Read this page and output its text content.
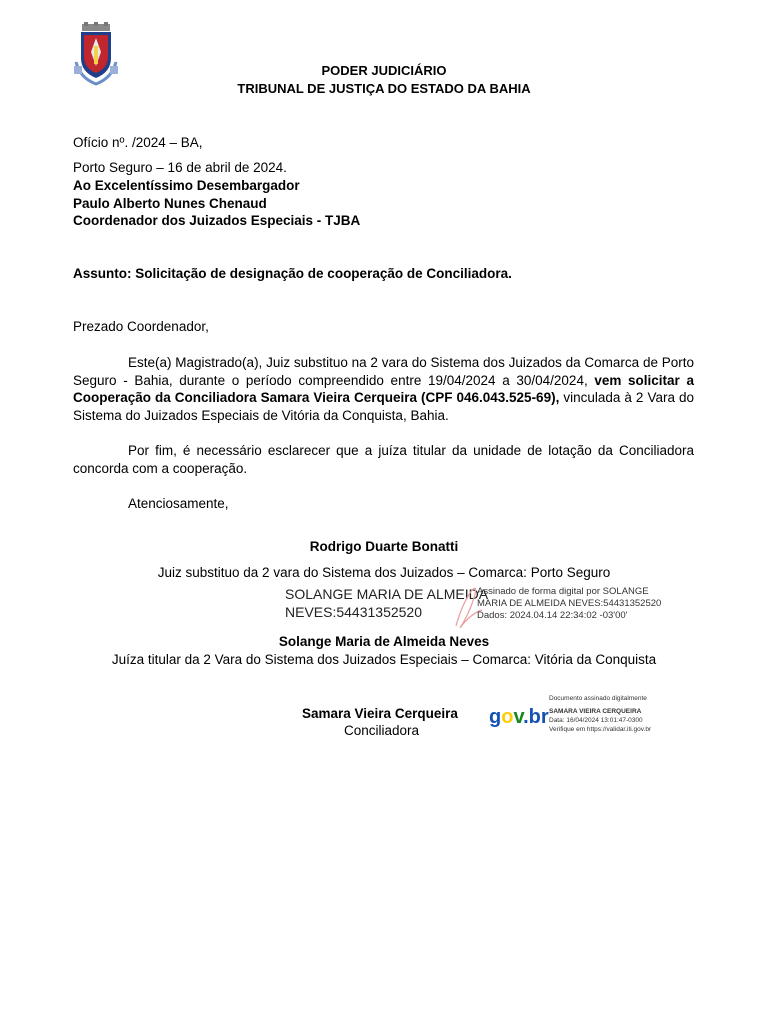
PODER JUDICIÁRIO
TRIBUNAL DE JUSTIÇA DO ESTADO DA BAHIA
Ofício nº. /2024 – BA,
Porto Seguro – 16 de abril de 2024.
Ao Excelentíssimo Desembargador
Paulo Alberto Nunes Chenaud
Coordenador dos Juizados Especiais - TJBA
Assunto: Solicitação de designação de cooperação de Conciliadora.
Prezado Coordenador,
Este(a) Magistrado(a), Juiz substituo na 2 vara do Sistema dos Juizados da Comarca de Porto Seguro - Bahia, durante o período compreendido entre 19/04/2024 a 30/04/2024, vem solicitar a Cooperação da Conciliadora Samara Vieira Cerqueira (CPF 046.043.525-69), vinculada à 2 Vara do Sistema do Juizados Especiais de Vitória da Conquista, Bahia.
Por fim, é necessário esclarecer que a juíza titular da unidade de lotação da Conciliadora concorda com a cooperação.
Atenciosamente,
Rodrigo Duarte Bonatti
Juiz substituo da 2 vara do Sistema dos Juizados – Comarca: Porto Seguro
SOLANGE MARIA DE ALMEIDA
NEVES:54431352520
Assinado de forma digital por SOLANGE
MARIA DE ALMEIDA NEVES:54431352520
Dados: 2024.04.14 22:34:02 -03'00'
Solange Maria de Almeida Neves
Juíza titular da 2 Vara do Sistema dos Juizados Especiais – Comarca: Vitória da Conquista
Samara Vieira Cerqueira
Conciliadora
gov.br
Documento assinado digitalmente
SAMARA VIEIRA CERQUEIRA
Data: 16/04/2024 13:01:47-0300
Verifique em https://validar.iti.gov.br
